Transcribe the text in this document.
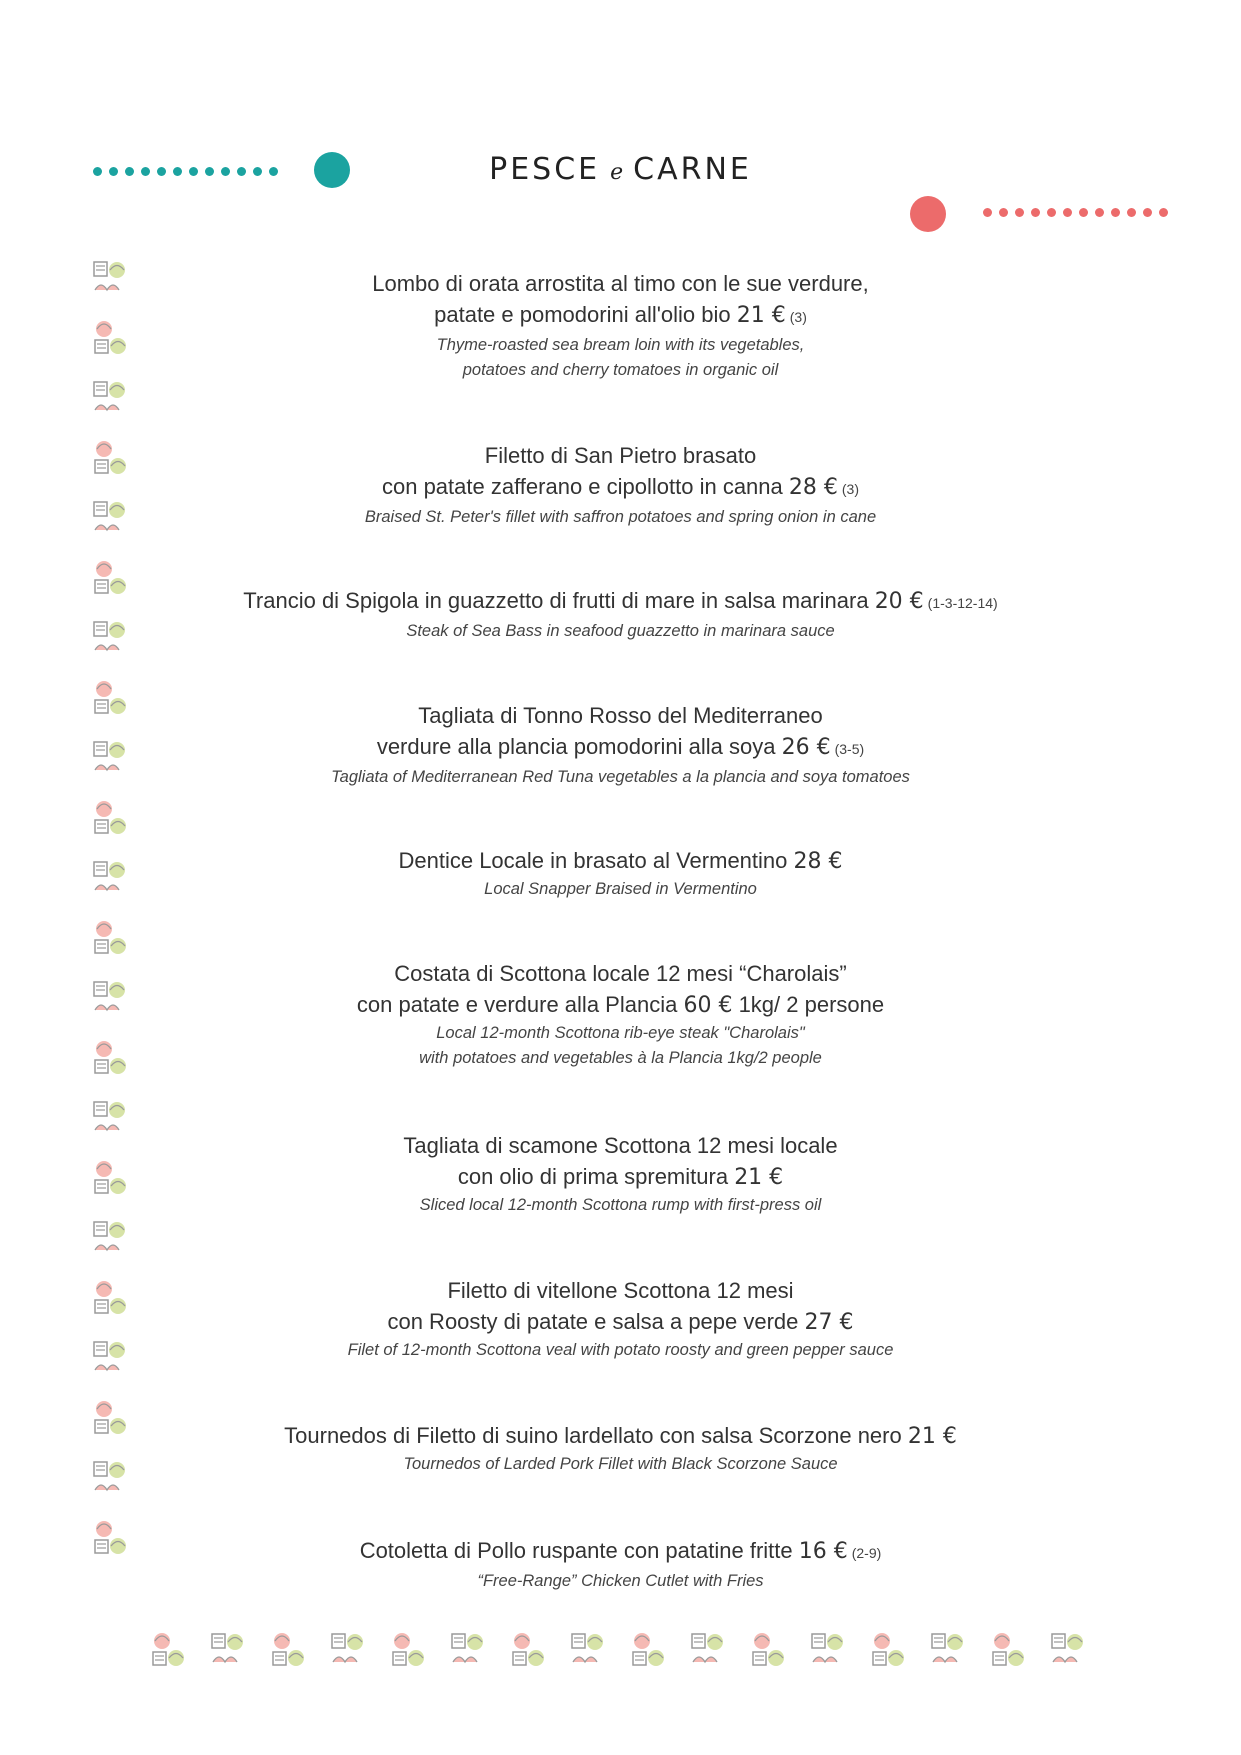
PESCE e CARNE
Lombo di orata arrostita al timo con le sue verdure,
patate e pomodorini all'olio bio 21 € (3)
Thyme-roasted sea bream loin with its vegetables,
potatoes and cherry tomatoes in organic oil
Filetto di San Pietro brasato
con patate zafferano e cipollotto in canna 28 € (3)
Braised St. Peter's fillet with saffron potatoes and spring onion in cane
Trancio di Spigola in guazzetto di frutti di mare in salsa marinara 20 € (1-3-12-14)
Steak of Sea Bass in seafood guazzetto in marinara sauce
Tagliata di Tonno Rosso del Mediterraneo
verdure alla plancia pomodorini alla soya 26 € (3-5)
Tagliata of Mediterranean Red Tuna vegetables a la plancia and soya tomatoes
Dentice Locale in brasato al Vermentino 28 €
Local Snapper Braised in Vermentino
Costata di Scottona locale 12 mesi “Charolais”
con patate e verdure alla Plancia 60 € 1kg/ 2 persone
Local 12-month Scottona rib-eye steak "Charolais"
with potatoes and vegetables à la Plancia 1kg/2 people
Tagliata di scamone Scottona 12 mesi locale
con olio di prima spremitura 21 €
Sliced local 12-month Scottona rump with first-press oil
Filetto di vitellone Scottona 12 mesi
con Roosty di patate e salsa a pepe verde 27 €
Filet of 12-month Scottona veal with potato roosty and green pepper sauce
Tournedos di Filetto di suino lardellato con salsa Scorzone nero 21 €
Tournedos of Larded Pork Fillet with Black Scorzone Sauce
Cotoletta di Pollo ruspante con patatine fritte 16 € (2-9)
“Free-Range” Chicken Cutlet with Fries
